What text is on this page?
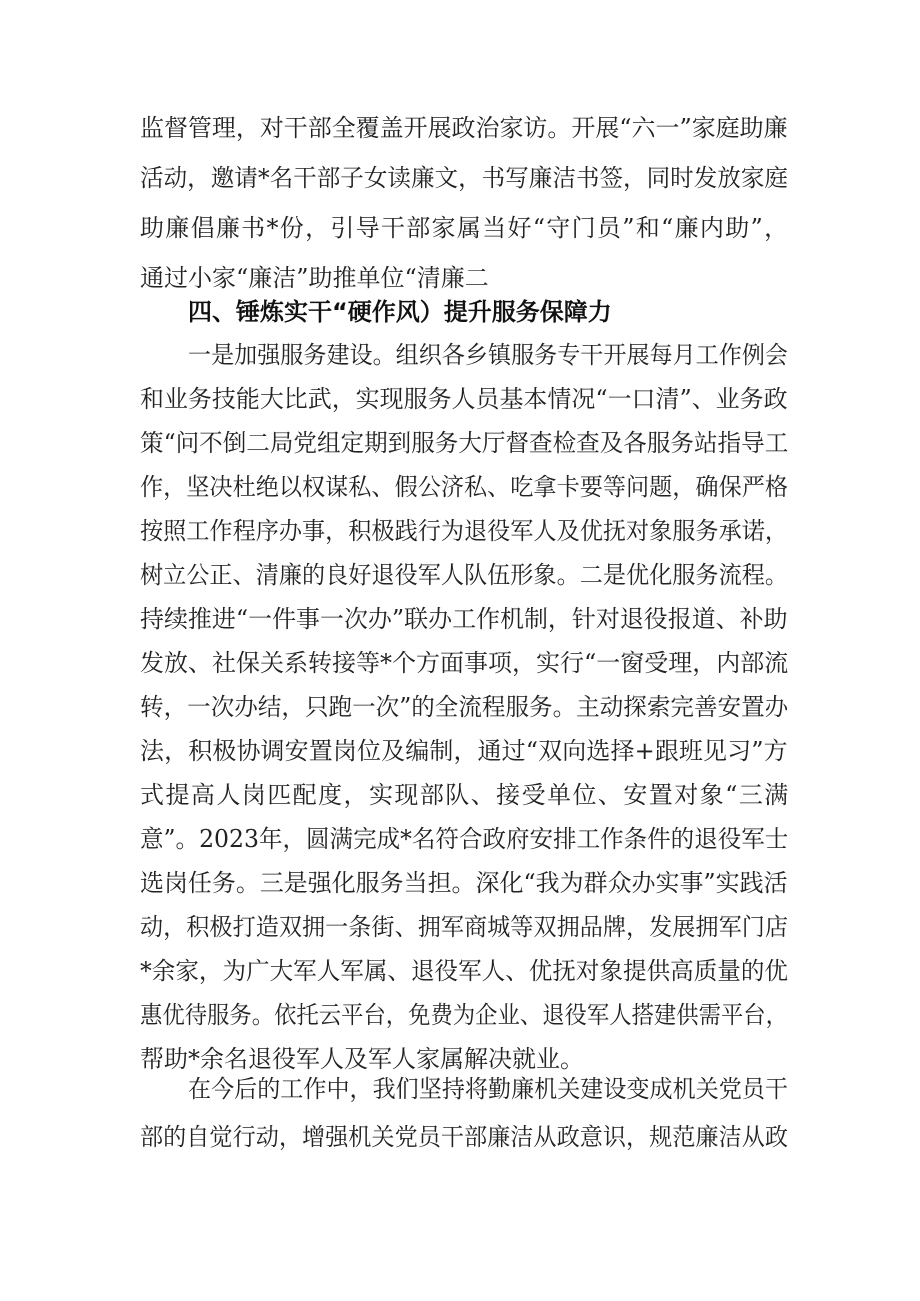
监督管理，对干部全覆盖开展政治家访。开展“六一”家庭助廉
活动，邀请*名干部子女读廉文，书写廉洁书签，同时发放家庭
助廉倡廉书*份，引导干部家属当好“守门员”和“廉内助”，
通过小家“廉洁”助推单位“清廉二
四、锤炼实干“硬作风）提升服务保障力
一是加强服务建设。组织各乡镇服务专干开展每月工作例会
和业务技能大比武，实现服务人员基本情况“一口清”、业务政
策“问不倒二局党组定期到服务大厅督查检查及各服务站指导工
作，坚决杜绝以权谋私、假公济私、吃拿卡要等问题，确保严格
按照工作程序办事，积极践行为退役军人及优抚对象服务承诺，
树立公正、清廉的良好退役军人队伍形象。二是优化服务流程。
持续推进“一件事一次办”联办工作机制，针对退役报道、补助
发放、社保关系转接等*个方面事项，实行“一窗受理，内部流
转，一次办结，只跑一次”的全流程服务。主动探索完善安置办
法，积极协调安置岗位及编制，通过“双向选择+跟班见习”方
式提高人岗匹配度，实现部队、接受单位、安置对象“三满
意”。2023年，圆满完成*名符合政府安排工作条件的退役军士
选岗任务。三是强化服务当担。深化“我为群众办实事”实践活
动，积极打造双拥一条街、拥军商城等双拥品牌，发展拥军门店
*余家，为广大军人军属、退役军人、优抚对象提供高质量的优
惠优待服务。依托云平台，免费为企业、退役军人搭建供需平台，
帮助*余名退役军人及军人家属解决就业。
在今后的工作中，我们坚持将勤廉机关建设变成机关党员干
部的自觉行动，增强机关党员干部廉洁从政意识，规范廉洁从政
